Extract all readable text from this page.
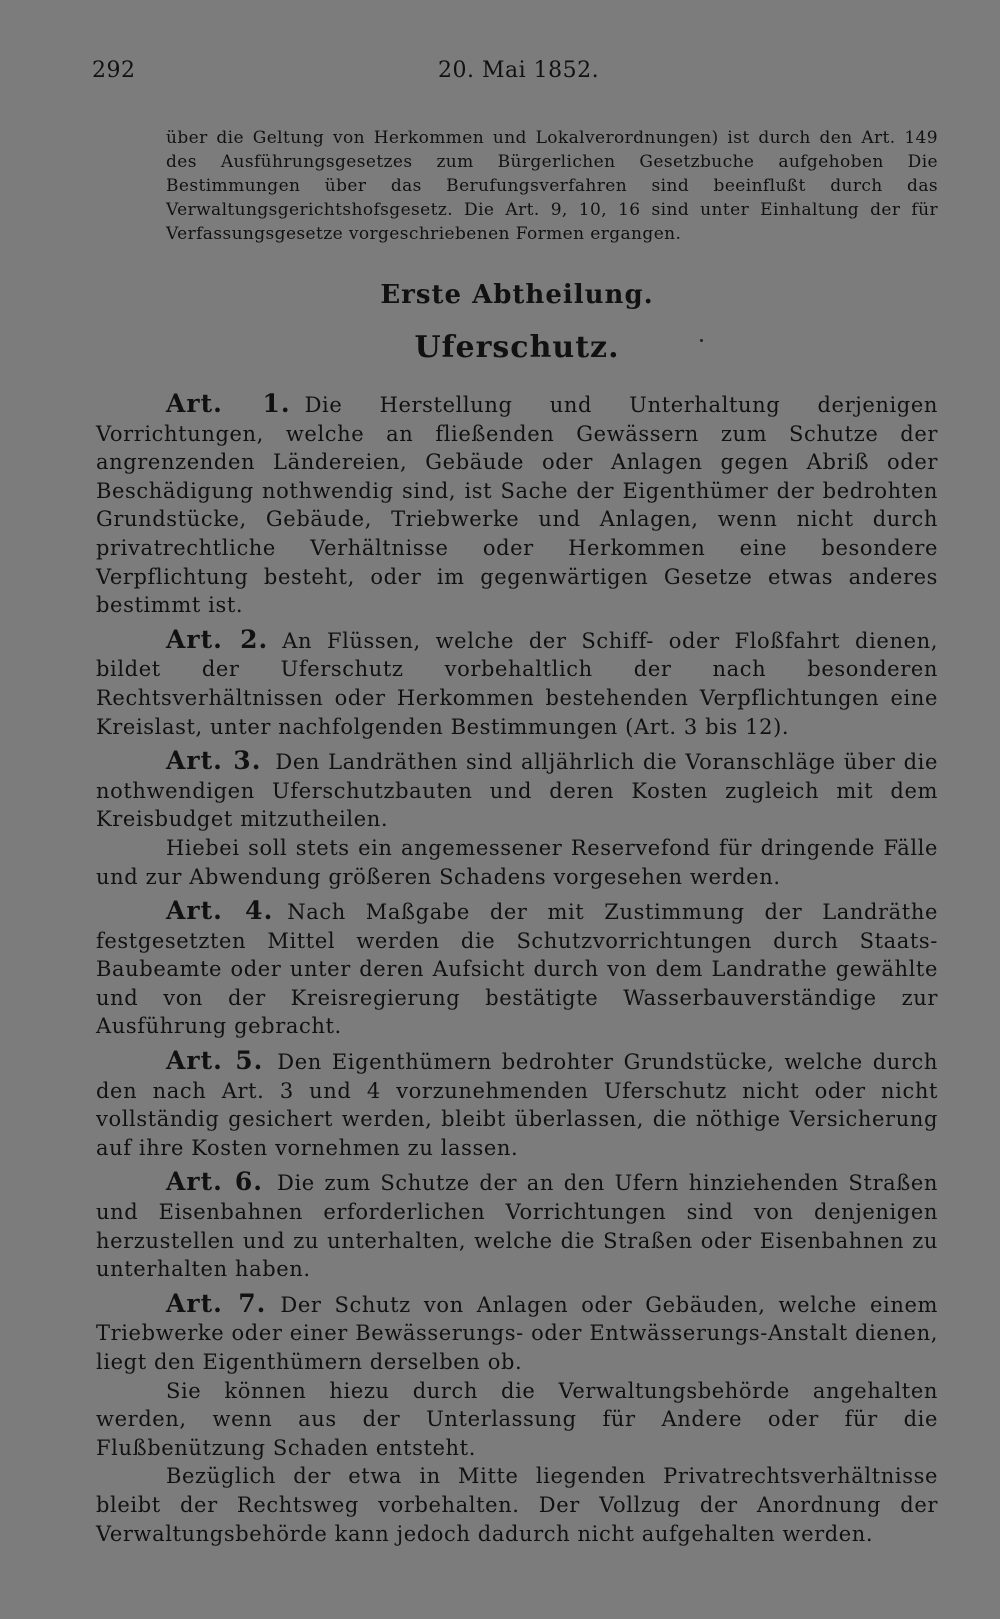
292	20. Mai 1852.

über die Geltung von Herkommen und Lokalverordnungen) ist durch den Art. 149 des Ausführungsgesetzes zum Bürgerlichen Gesetzbuche aufgehoben Die Bestimmungen über das Berufungsverfahren sind beeinflußt durch das Verwaltungsgerichtshofsgesetz. Die Art. 9, 10, 16 sind unter Einhaltung der für Verfassungsgesetze vorgeschriebenen Formen ergangen.

Erste Abtheilung.
Uferschutz.

Art. 1. Die Herstellung und Unterhaltung derjenigen Vorrichtungen, welche an fließenden Gewässern zum Schutze der angrenzenden Ländereien, Gebäude oder Anlagen gegen Abriß oder Beschädigung nothwendig sind, ist Sache der Eigenthümer der bedrohten Grundstücke, Gebäude, Triebwerke und Anlagen, wenn nicht durch privatrechtliche Verhältnisse oder Herkommen eine besondere Verpflichtung besteht, oder im gegenwärtigen Gesetze etwas anderes bestimmt ist.

Art. 2. An Flüssen, welche der Schiff- oder Floßfahrt dienen, bildet der Uferschutz vorbehaltlich der nach besonderen Rechtsverhältnissen oder Herkommen bestehenden Verpflichtungen eine Kreislast, unter nachfolgenden Bestimmungen (Art. 3 bis 12).

Art. 3. Den Landräthen sind alljährlich die Voranschläge über die nothwendigen Uferschutzbauten und deren Kosten zugleich mit dem Kreisbudget mitzutheilen.

Hiebei soll stets ein angemessener Reservefond für dringende Fälle und zur Abwendung größeren Schadens vorgesehen werden.

Art. 4. Nach Maßgabe der mit Zustimmung der Landräthe festgesetzten Mittel werden die Schutzvorrichtungen durch Staats-Baubeamte oder unter deren Aufsicht durch von dem Landrathe gewählte und von der Kreisregierung bestätigte Wasserbauverständige zur Ausführung gebracht.

Art. 5. Den Eigenthümern bedrohter Grundstücke, welche durch den nach Art. 3 und 4 vorzunehmenden Uferschutz nicht oder nicht vollständig gesichert werden, bleibt überlassen, die nöthige Versicherung auf ihre Kosten vornehmen zu lassen.

Art. 6. Die zum Schutze der an den Ufern hinziehenden Straßen und Eisenbahnen erforderlichen Vorrichtungen sind von denjenigen herzustellen und zu unterhalten, welche die Straßen oder Eisenbahnen zu unterhalten haben.

Art. 7. Der Schutz von Anlagen oder Gebäuden, welche einem Triebwerke oder einer Bewässerungs- oder Entwässerungs-Anstalt dienen, liegt den Eigenthümern derselben ob.

Sie können hiezu durch die Verwaltungsbehörde angehalten werden, wenn aus der Unterlassung für Andere oder für die Flußbenützung Schaden entsteht.

Bezüglich der etwa in Mitte liegenden Privatrechtsverhältnisse bleibt der Rechtsweg vorbehalten. Der Vollzug der Anordnung der Verwaltungsbehörde kann jedoch dadurch nicht aufgehalten werden.
